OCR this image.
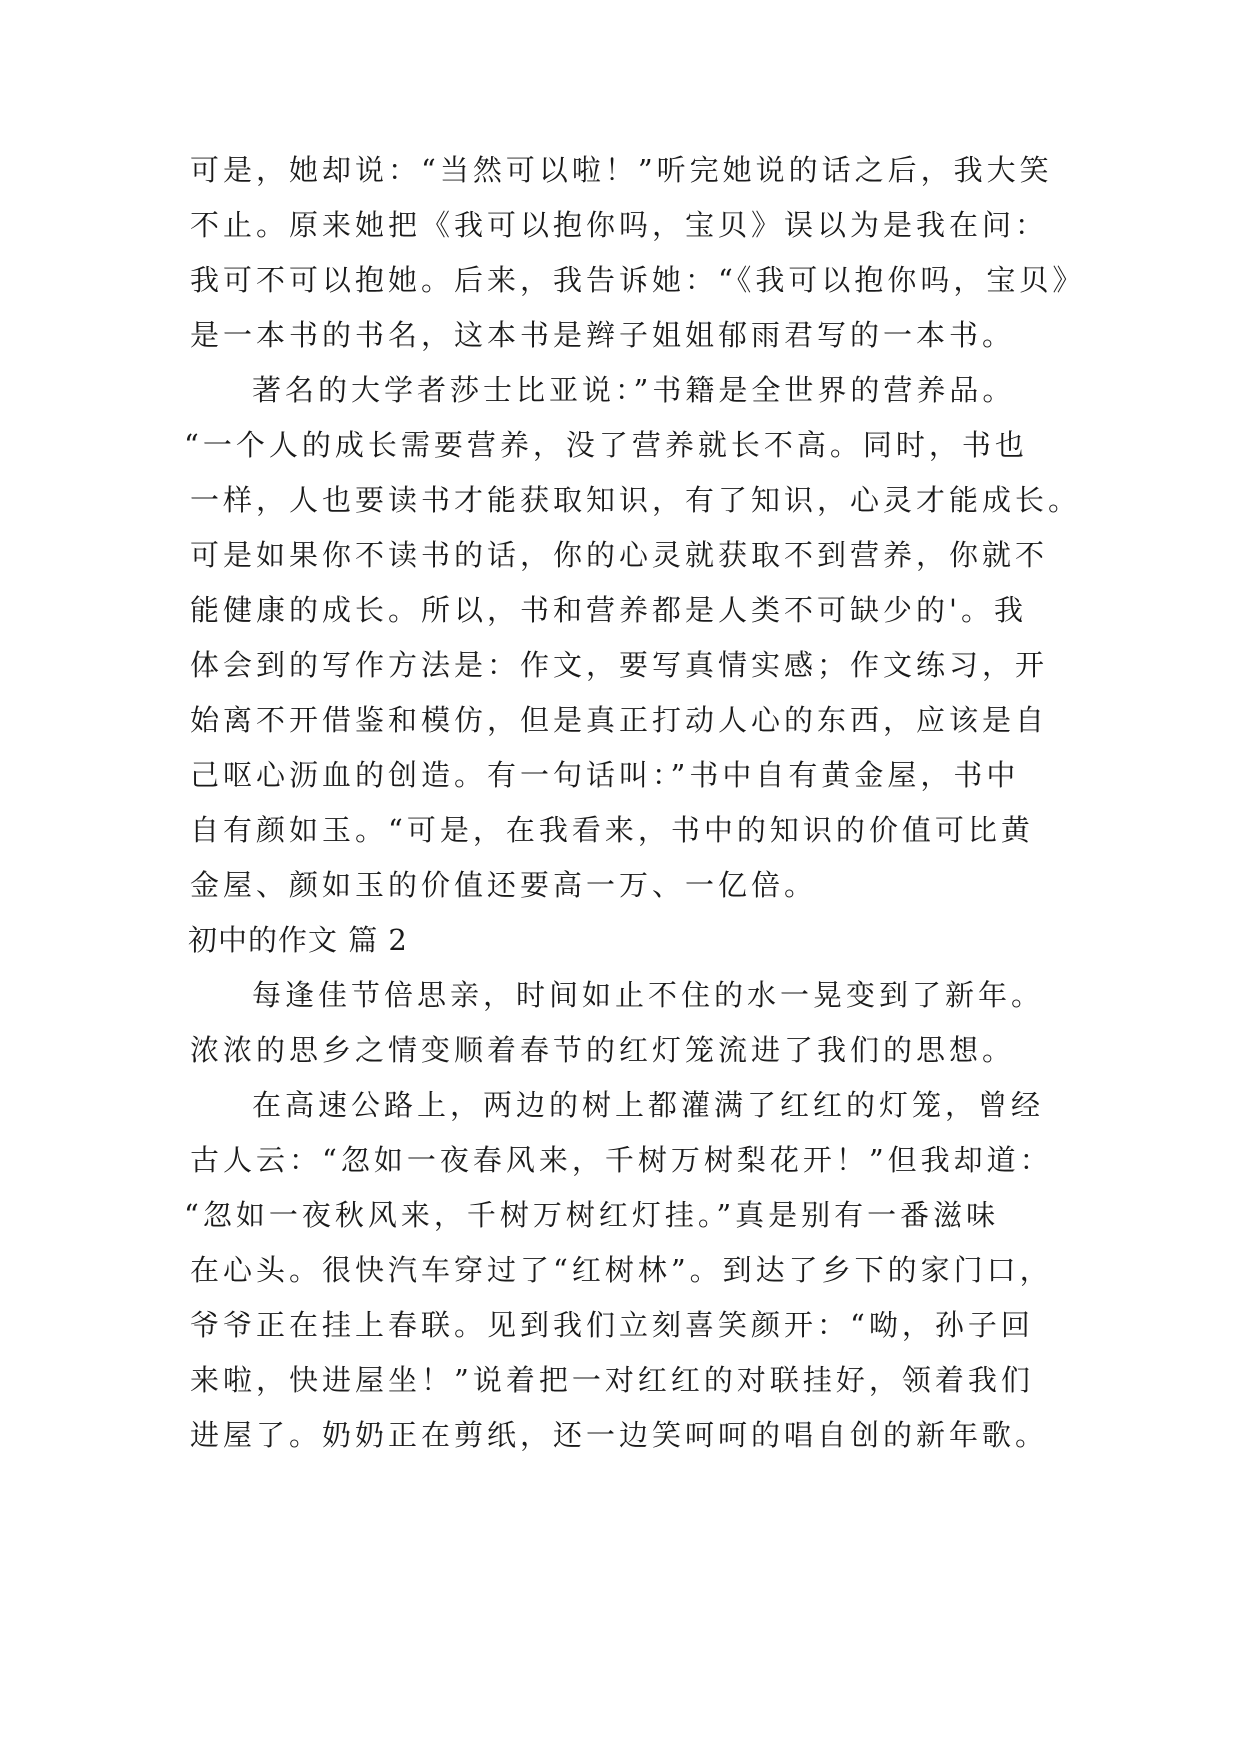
可是，她却说：“当然可以啦！”听完她说的话之后，我大笑
不止。原来她把《我可以抱你吗，宝贝》误以为是我在问：
我可不可以抱她。后来，我告诉她：“《我可以抱你吗，宝贝》
是一本书的书名，这本书是辫子姐姐郁雨君写的一本书。
著名的大学者莎士比亚说：”书籍是全世界的营养品。
“一个人的成长需要营养，没了营养就长不高。同时，书也
一样，人也要读书才能获取知识，有了知识，心灵才能成长。
可是如果你不读书的话，你的心灵就获取不到营养，你就不
能健康的成长。所以，书和营养都是人类不可缺少的'。我
体会到的写作方法是：作文，要写真情实感；作文练习，开
始离不开借鉴和模仿，但是真正打动人心的东西，应该是自
己呕心沥血的创造。有一句话叫：”书中自有黄金屋，书中
自有颜如玉。“可是，在我看来，书中的知识的价值可比黄
金屋、颜如玉的价值还要高一万、一亿倍。
初中的作文 篇 2
每逢佳节倍思亲，时间如止不住的水一晃变到了新年。
浓浓的思乡之情变顺着春节的红灯笼流进了我们的思想。
在高速公路上，两边的树上都灌满了红红的灯笼，曾经
古人云：“忽如一夜春风来，千树万树梨花开！”但我却道：
“忽如一夜秋风来，千树万树红灯挂。”真是别有一番滋味
在心头。很快汽车穿过了“红树林”。到达了乡下的家门口，
爷爷正在挂上春联。见到我们立刻喜笑颜开：“呦，孙子回
来啦，快进屋坐！”说着把一对红红的对联挂好，领着我们
进屋了。奶奶正在剪纸，还一边笑呵呵的唱自创的新年歌。
